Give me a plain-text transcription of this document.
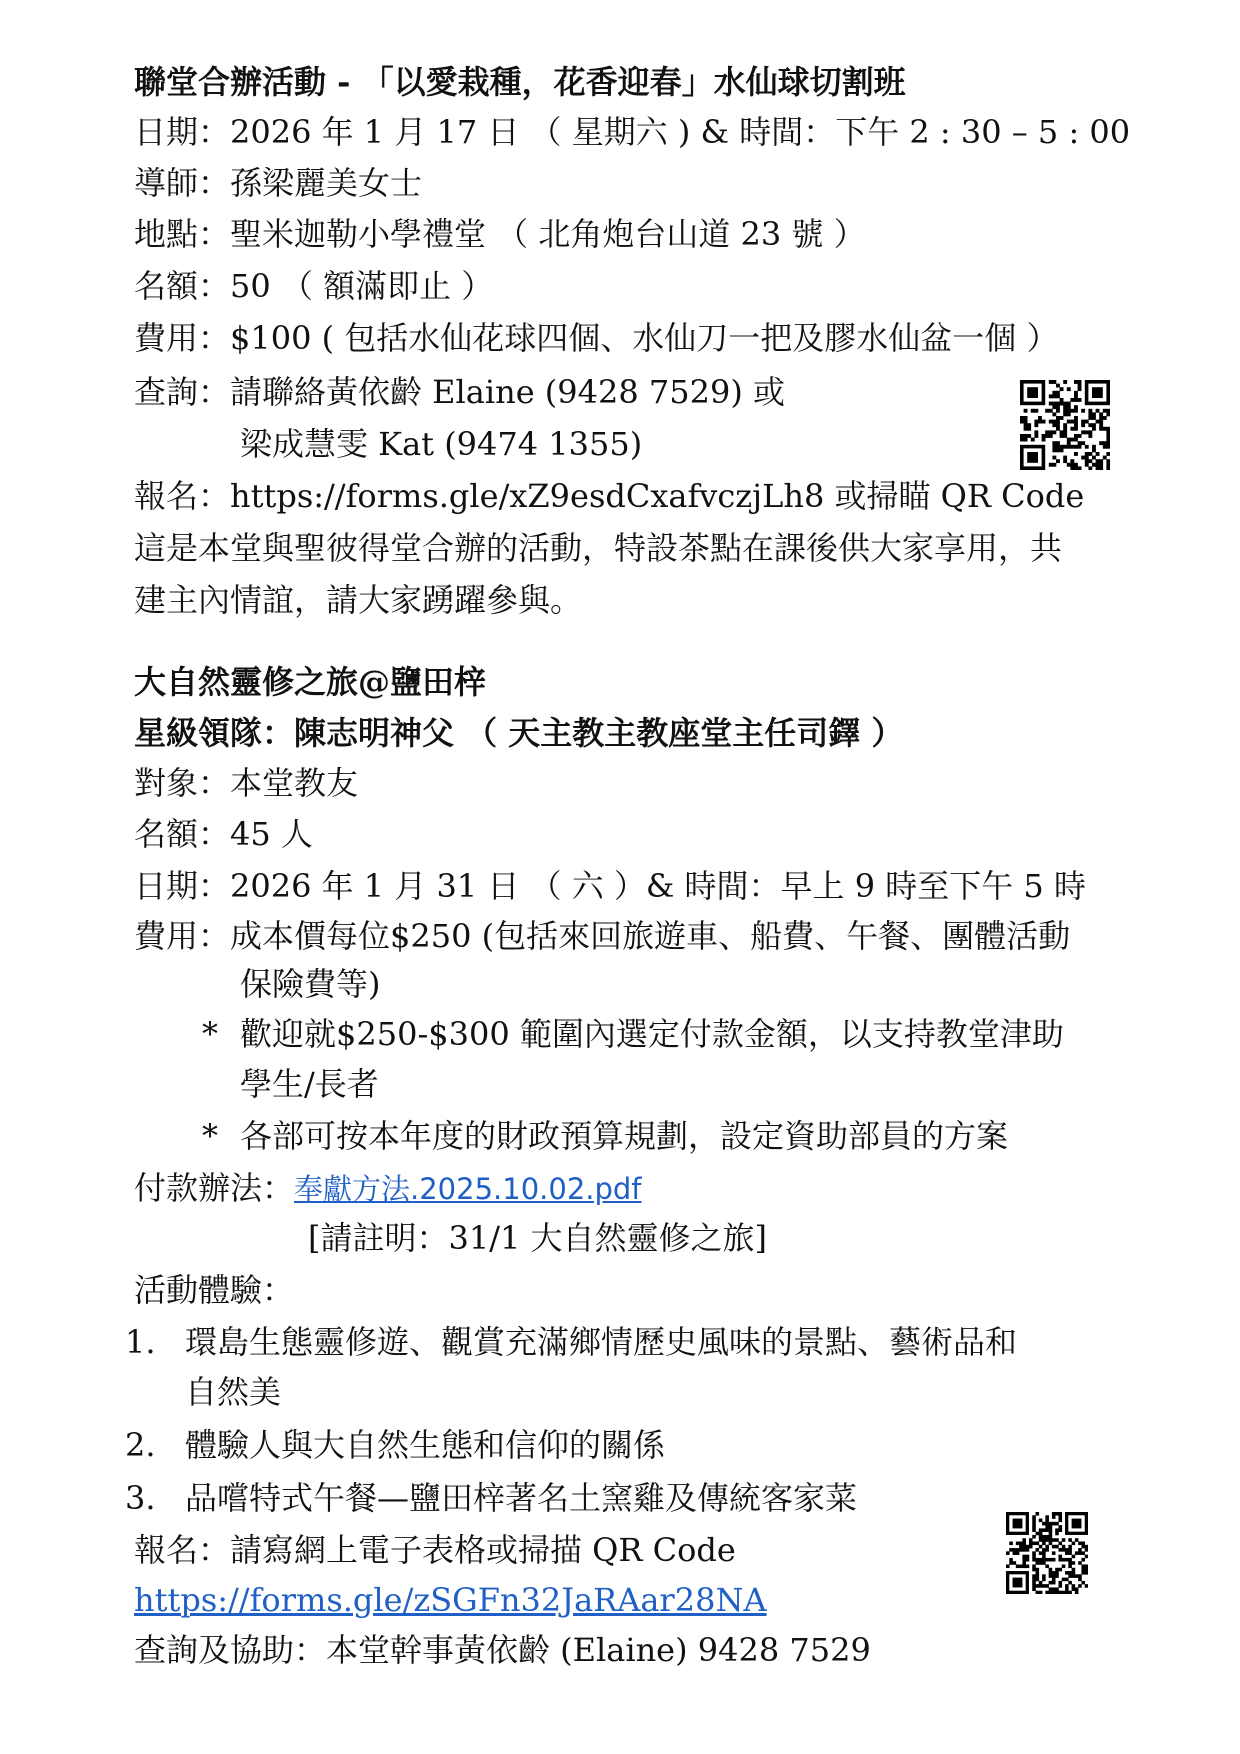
聯堂合辦活動 - 「以愛栽種，花香迎春」水仙球切割班
日期：2026 年 1 月 17 日 （ 星期六 ) & 時間：下午 2 : 30 – 5 : 00
導師：孫梁麗美女士
地點：聖米迦勒小學禮堂 （ 北角炮台山道 23 號 ）
名額：50 （ 額滿即止 ）
費用：$100 ( 包括水仙花球四個、水仙刀一把及膠水仙盆一個 ）
查詢：請聯絡黃依齡 Elaine (9428 7529) 或
梁成慧雯 Kat (9474 1355)
報名：https://forms.gle/xZ9esdCxafvczjLh8 或掃瞄 QR Code
這是本堂與聖彼得堂合辦的活動，特設茶點在課後供大家享用，共
建主內情誼，請大家踴躍參與。
大自然靈修之旅@鹽田梓
星級領隊：陳志明神父 （ 天主教主教座堂主任司鐸 ）
對象：本堂教友
名額：45 人
日期：2026 年 1 月 31 日 （ 六 ）& 時間：早上 9 時至下午 5 時
費用：成本價每位$250 (包括來回旅遊車、船費、午餐、團體活動
保險費等)
* 歡迎就$250-$300 範圍內選定付款金額，以支持教堂津助
學生/長者
* 各部可按本年度的財政預算規劃，設定資助部員的方案
付款辦法：奉獻方法.2025.10.02.pdf
[請註明：31/1 大自然靈修之旅]
活動體驗：
1. 環島生態靈修遊、觀賞充滿鄉情歷史風味的景點、藝術品和
自然美
2. 體驗人與大自然生態和信仰的關係
3. 品嚐特式午餐—鹽田梓著名土窯雞及傳統客家菜
報名：請寫網上電子表格或掃描 QR Code
https://forms.gle/zSGFn32JaRAar28NA
查詢及協助：本堂幹事黃依齡 (Elaine) 9428 7529
